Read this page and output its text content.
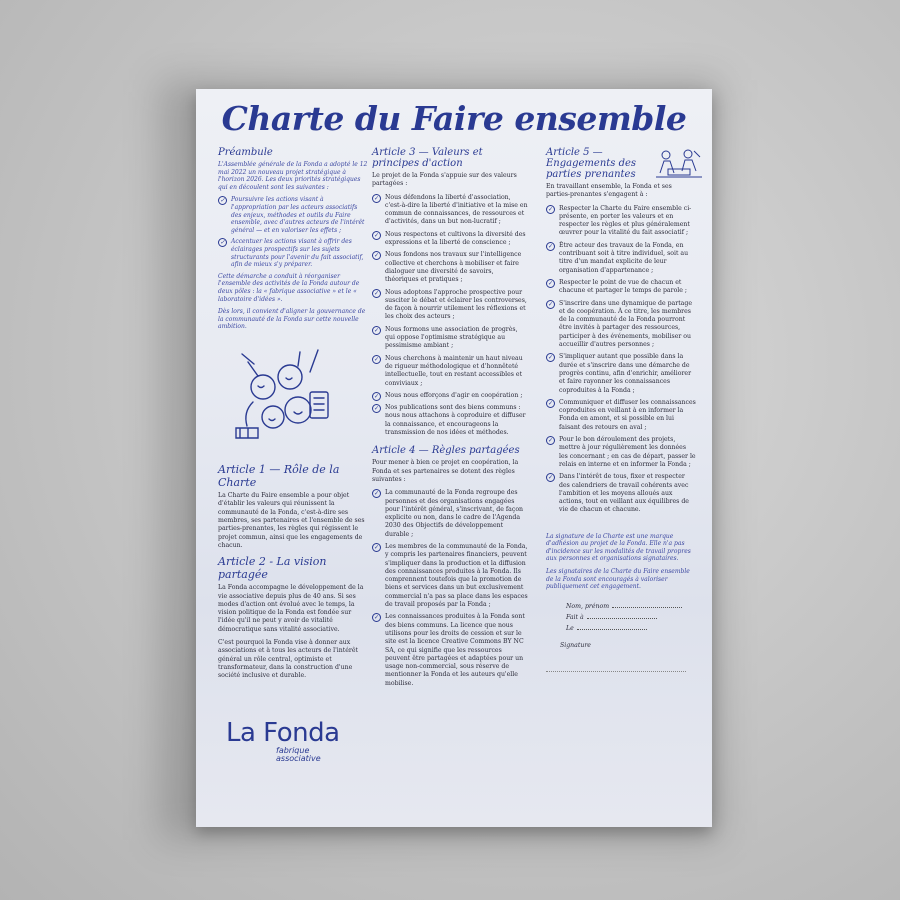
Charte du Faire ensemble
Préambule
L'Assemblée générale de la Fonda a adopté le 12 mai 2022 un nouveau projet stratégique à l'horizon 2026. Les deux priorités stratégiques qui en découlent sont les suivantes :
✓ Poursuivre les actions visant à l'appropriation par les acteurs associatifs des enjeux, méthodes et outils du Faire ensemble, avec d'autres acteurs de l'intérêt général — et en valoriser les effets ;
✓ Accentuer les actions visant à offrir des éclairages prospectifs sur les sujets structurants pour l'avenir du fait associatif, afin de mieux s'y préparer.
Cette démarche a conduit à réorganiser l'ensemble des activités de la Fonda autour de deux pôles : la « fabrique associative » et le « laboratoire d'idées ».
Dès lors, il convient d'aligner la gouvernance de la communauté de la Fonda sur cette nouvelle ambition.
Article 1 — Rôle de la Charte
La Charte du Faire ensemble a pour objet d'établir les valeurs qui réunissent la communauté de la Fonda, c'est-à-dire ses membres, ses partenaires et l'ensemble de ses parties-prenantes, les règles qui régissent le projet commun, ainsi que les engagements de chacun.
Article 2 - La vision partagée
La Fonda accompagne le développement de la vie associative depuis plus de 40 ans. Si ses modes d'action ont évolué avec le temps, la vision politique de la Fonda est fondée sur l'idée qu'il ne peut y avoir de vitalité démocratique sans vitalité associative.
C'est pourquoi la Fonda vise à donner aux associations et à tous les acteurs de l'intérêt général un rôle central, optimiste et transformateur, dans la construction d'une société inclusive et durable.
La Fonda
fabrique
associative
Article 3 — Valeurs et principes d'action
Le projet de la Fonda s'appuie sur des valeurs partagées :
✓ Nous défendons la liberté d'association, c'est-à-dire la liberté d'initiative et la mise en commun de connaissances, de ressources et d'activités, dans un but non-lucratif ;
✓ Nous respectons et cultivons la diversité des expressions et la liberté de conscience ;
✓ Nous fondons nos travaux sur l'intelligence collective et cherchons à mobiliser et faire dialoguer une diversité de savoirs, théoriques et pratiques ;
✓ Nous adoptons l'approche prospective pour susciter le débat et éclairer les controverses, de façon à nourrir utilement les réflexions et les choix des acteurs ;
✓ Nous formons une association de progrès, qui oppose l'optimisme stratégique au pessimisme ambiant ;
✓ Nous cherchons à maintenir un haut niveau de rigueur méthodologique et d'honnêteté intellectuelle, tout en restant accessibles et conviviaux ;
✓ Nous nous efforçons d'agir en coopération ;
✓ Nos publications sont des biens communs : nous nous attachons à coproduire et diffuser la connaissance, et encourageons la transmission de nos idées et méthodes.
Article 4 — Règles partagées
Pour mener à bien ce projet en coopération, la Fonda et ses partenaires se dotent des règles suivantes :
✓ La communauté de la Fonda regroupe des personnes et des organisations engagées pour l'intérêt général, s'inscrivant, de façon explicite ou non, dans le cadre de l'Agenda 2030 des Objectifs de développement durable ;
✓ Les membres de la communauté de la Fonda, y compris les partenaires financiers, peuvent s'impliquer dans la production et la diffusion des connaissances produites à la Fonda. Ils comprennent toutefois que la promotion de biens et services dans un but exclusivement commercial n'a pas sa place dans les espaces de travail proposés par la Fonda ;
✓ Les connaissances produites à la Fonda sont des biens communs. La licence que nous utilisons pour les droits de cession et sur le site est la licence Creative Commons BY NC SA, ce qui signifie que les ressources peuvent être partagées et adaptées pour un usage non-commercial, sous réserve de mentionner la Fonda et les auteurs qu'elle mobilise.
Article 5 — Engagements des parties prenantes
En travaillant ensemble, la Fonda et ses parties-prenantes s'engagent à :
✓ Respecter la Charte du Faire ensemble ci-présente, en porter les valeurs et en respecter les règles et plus généralement œuvrer pour la vitalité du fait associatif ;
✓ Être acteur des travaux de la Fonda, en contribuant soit à titre individuel, soit au titre d'un mandat explicite de leur organisation d'appartenance ;
✓ Respecter le point de vue de chacun et chacune et partager le temps de parole ;
✓ S'inscrire dans une dynamique de partage et de coopération. À ce titre, les membres de la communauté de la Fonda pourront être invités à partager des ressources, participer à des événements, mobiliser ou accueillir d'autres personnes ;
✓ S'impliquer autant que possible dans la durée et s'inscrire dans une démarche de progrès continu, afin d'enrichir, améliorer et faire rayonner les connaissances coproduites à la Fonda ;
✓ Communiquer et diffuser les connaissances coproduites en veillant à en informer la Fonda en amont, et si possible en lui faisant des retours en aval ;
✓ Pour le bon déroulement des projets, mettre à jour régulièrement les données les concernant ; en cas de départ, passer le relais en interne et en informer la Fonda ;
✓ Dans l'intérêt de tous, fixer et respecter des calendriers de travail cohérents avec l'ambition et les moyens alloués aux actions, tout en veillant aux équilibres de vie de chacun et chacune.
La signature de la Charte est une marque d'adhésion au projet de la Fonda. Elle n'a pas d'incidence sur les modalités de travail propres aux personnes et organisations signataires.
Les signataires de la Charte du Faire ensemble de la Fonda sont encouragés à valoriser publiquement cet engagement.
Nom, prénom
Fait à
Le
Signature
